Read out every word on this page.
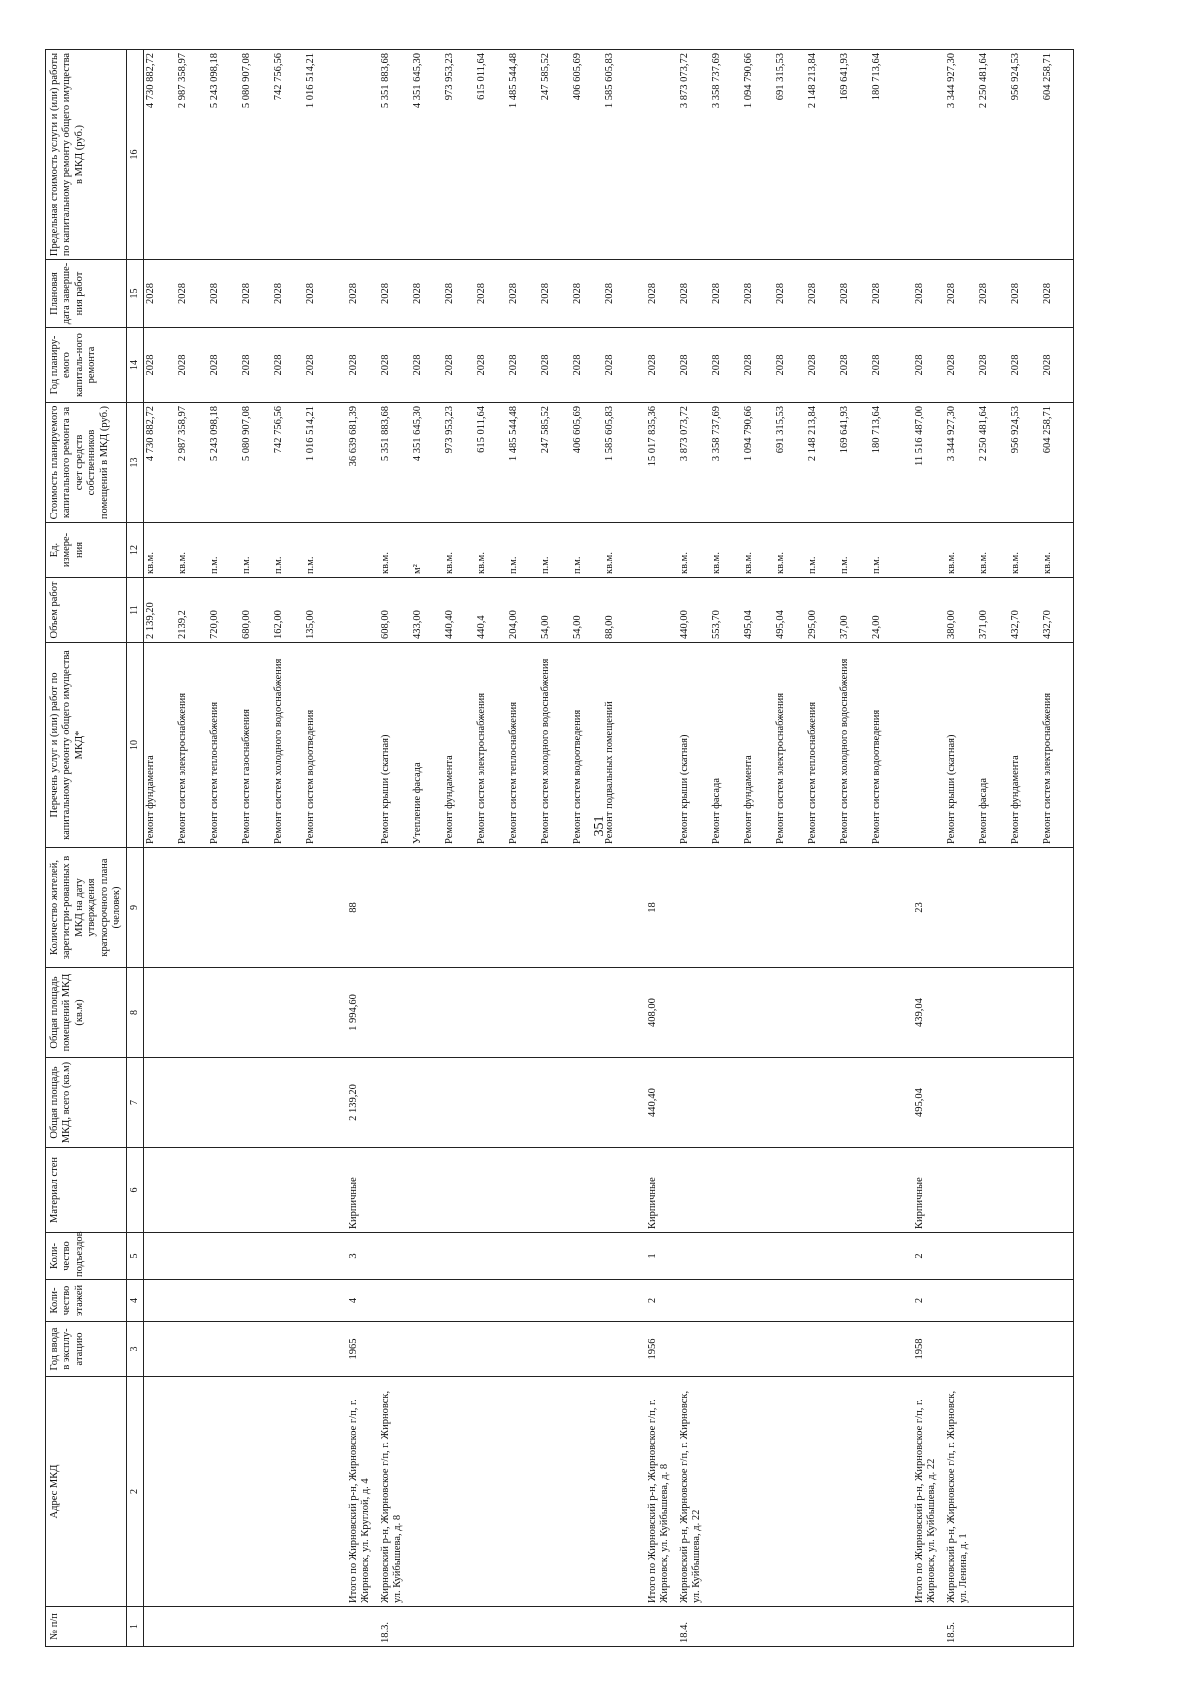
351
№ п/п	Адрес МКД	Год ввода в эксплу-атацию	Коли-чество этажей	Коли-чество подъездов	Материал стен	Общая площадь МКД, всего (кв.м)	Общая площадь помещений МКД (кв.м)	Количество жителей, зарегистри-рованных в МКД на дату утверждения краткосрочного плана (человек)	Перечень услуг и (или) работ по капитальному ремонту общего имущества МКД*	Объем работ	Ед. измере-ния	Стоимость планируемого капитального ремонта за счет средств собственников помещений в МКД (руб.)	Год планиру-емого капиталь-ного ремонта	Плановая дата заверше-ния работ	Предельная стоимость услуги и (или) работы по капитальному ремонту общего имущества в МКД (руб.)
1	2	3	4	5	6	7	8	9	10	11	12	13	14	15	16
									Ремонт фундамента	2 139,20	кв.м.	4 730 882,72	2028	2028	4 730 882,72
									Ремонт систем электроснабжения	2139,2	кв.м.	2 987 358,97	2028	2028	2 987 358,97
									Ремонт систем теплоснабжения	720,00	п.м.	5 243 098,18	2028	2028	5 243 098,18
									Ремонт систем газоснабжения	680,00	п.м.	5 080 907,08	2028	2028	5 080 907,08
									Ремонт систем холодного водоснабжения	162,00	п.м.	742 756,56	2028	2028	742 756,56
									Ремонт систем водоотведения	135,00	п.м.	1 016 514,21	2028	2028	1 016 514,21
	Итого по Жирновский р-н, Жирновское г/п, г. Жирновск, ул. Круглой, д. 4	1965	4	3	Кирпичные	2 139,20	1 994,60	88				36 639 681,39	2028	2028	
18.3.	Жирновский р-н, Жирновское г/п, г. Жирновск, ул. Куйбышева, д. 8								Ремонт крыши (скатная)	608,00	кв.м.	5 351 883,68	2028	2028	5 351 883,68
									Утепление фасада	433,00	м²	4 351 645,30	2028	2028	4 351 645,30
									Ремонт фундамента	440,40	кв.м.	973 953,23	2028	2028	973 953,23
									Ремонт систем электроснабжения	440,4	кв.м.	615 011,64	2028	2028	615 011,64
									Ремонт систем теплоснабжения	204,00	п.м.	1 485 544,48	2028	2028	1 485 544,48
									Ремонт систем холодного водоснабжения	54,00	п.м.	247 585,52	2028	2028	247 585,52
									Ремонт систем водоотведения	54,00	п.м.	406 605,69	2028	2028	406 605,69
									Ремонт подвальных помещений	88,00	кв.м.	1 585 605,83	2028	2028	1 585 605,83
	Итого по Жирновский р-н, Жирновское г/п, г. Жирновск, ул. Куйбышева, д. 8	1956	2	1	Кирпичные	440,40	408,00	18				15 017 835,36	2028	2028	
18.4.	Жирновский р-н, Жирновское г/п, г. Жирновск, ул. Куйбышева, д. 22								Ремонт крыши (скатная)	440,00	кв.м.	3 873 073,72	2028	2028	3 873 073,72
									Ремонт фасада	553,70	кв.м.	3 358 737,69	2028	2028	3 358 737,69
									Ремонт фундамента	495,04	кв.м.	1 094 790,66	2028	2028	1 094 790,66
									Ремонт систем электроснабжения	495,04	кв.м.	691 315,53	2028	2028	691 315,53
									Ремонт систем теплоснабжения	295,00	п.м.	2 148 213,84	2028	2028	2 148 213,84
									Ремонт систем холодного водоснабжения	37,00	п.м.	169 641,93	2028	2028	169 641,93
									Ремонт систем водоотведения	24,00	п.м.	180 713,64	2028	2028	180 713,64
	Итого по Жирновский р-н, Жирновское г/п, г. Жирновск, ул. Куйбышева, д. 22	1958	2	2	Кирпичные	495,04	439,04	23				11 516 487,00	2028	2028	
18.5.	Жирновский р-н, Жирновское г/п, г. Жирновск, ул. Ленина, д. 1								Ремонт крыши (скатная)	380,00	кв.м.	3 344 927,30	2028	2028	3 344 927,30
									Ремонт фасада	371,00	кв.м.	2 250 481,64	2028	2028	2 250 481,64
									Ремонт фундамента	432,70	кв.м.	956 924,53	2028	2028	956 924,53
									Ремонт систем электроснабжения	432,70	кв.м.	604 258,71	2028	2028	604 258,71
